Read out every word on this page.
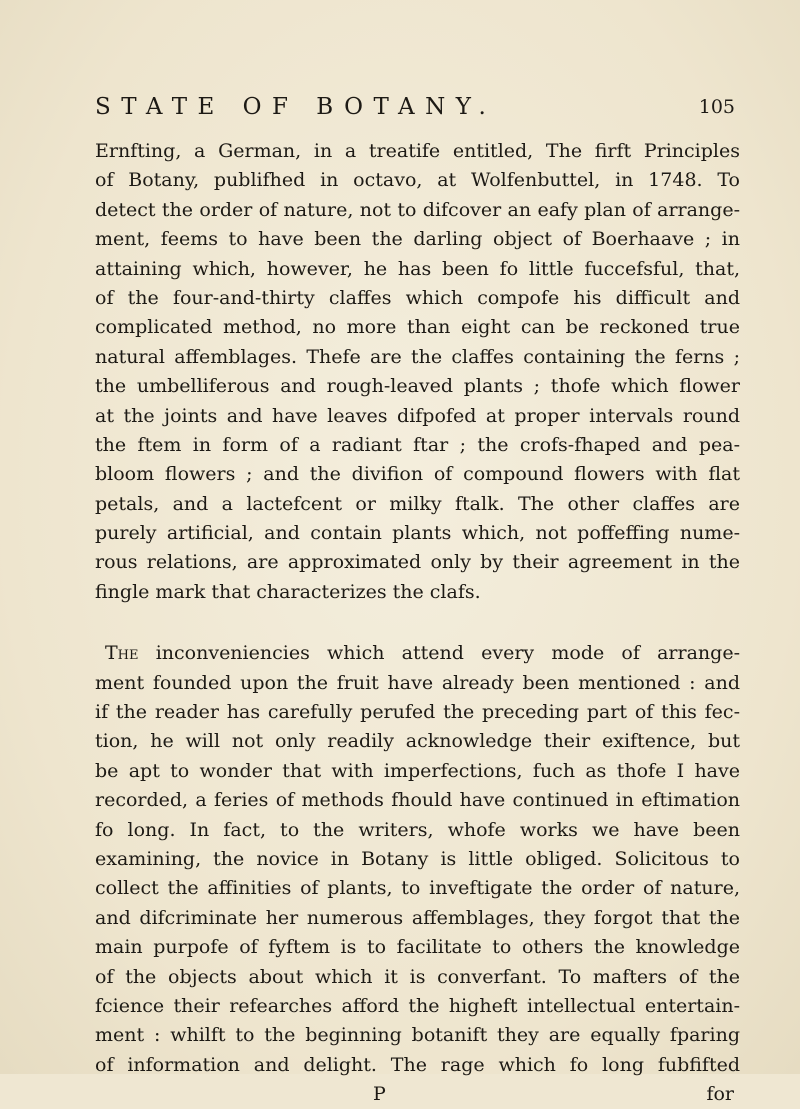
STATE OF BOTANY.	105
Ernfting, a German, in a treatife entitled, The firft Principles
of Botany, publifhed in octavo, at Wolfenbuttel, in 1748. To
detect the order of nature, not to difcover an eafy plan of arrange-
ment, feems to have been the darling object of Boerhaave ; in
attaining which, however, he has been fo little fuccefsful, that,
of the four-and-thirty claffes which compofe his difficult and
complicated method, no more than eight can be reckoned true
natural affemblages. Thefe are the claffes containing the ferns ;
the umbelliferous and rough-leaved plants ; thofe which flower
at the joints and have leaves difpofed at proper intervals round
the ftem in form of a radiant ftar ; the crofs-fhaped and pea-
bloom flowers ; and the divifion of compound flowers with flat
petals, and a lactefcent or milky ftalk. The other claffes are
purely artificial, and contain plants which, not poffeffing nume-
rous relations, are approximated only by their agreement in the
fingle mark that characterizes the clafs.
The inconveniencies which attend every mode of arrange-
ment founded upon the fruit have already been mentioned : and
if the reader has carefully perufed the preceding part of this fec-
tion, he will not only readily acknowledge their exiftence, but
be apt to wonder that with imperfections, fuch as thofe I have
recorded, a feries of methods fhould have continued in eftimation
fo long. In fact, to the writers, whofe works we have been
examining, the novice in Botany is little obliged. Solicitous to
collect the affinities of plants, to inveftigate the order of nature,
and difcriminate her numerous affemblages, they forgot that the
main purpofe of fyftem is to facilitate to others the knowledge
of the objects about which it is converfant. To mafters of the
fcience their refearches afford the higheft intellectual entertain-
ment : whilft to the beginning botanift they are equally fparing
of information and delight. The rage which fo long fubfifted
P	for
